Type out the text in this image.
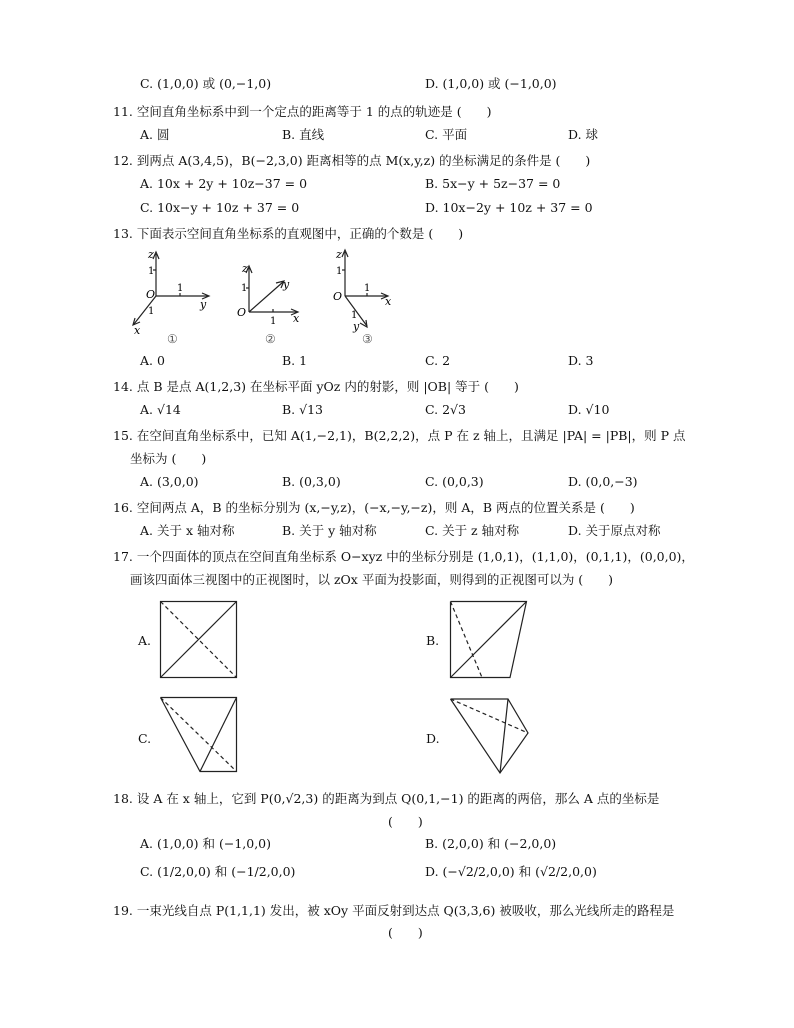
C. (1,0,0) 或 (0,−1,0)	D. (1,0,0) 或 (−1,0,0)
11. 空间直角坐标系中到一个定点的距离等于 1 的点的轨迹是 (　　)
A. 圆	B. 直线	C. 平面	D. 球
12. 到两点 A(3,4,5)，B(−2,3,0) 距离相等的点 M(x,y,z) 的坐标满足的条件是 (　　)
A. 10x + 2y + 10z−37 = 0	B. 5x−y + 5z−37 = 0
C. 10x−y + 10z + 37 = 0	D. 10x−2y + 10z + 37 = 0
13. 下面表示空间直角坐标系的直观图中，正确的个数是 (　　)
z
1
O 1
y
1
x
①
z
1	y
O
1 x
②
z
1
O
1
x
1
y
③
A. 0	B. 1	C. 2	D. 3
14. 点 B 是点 A(1,2,3) 在坐标平面 yOz 内的射影，则 |OB| 等于 (　　)
A. √14	B. √13	C. 2√3	D. √10
15. 在空间直角坐标系中，已知 A(1,−2,1)，B(2,2,2)，点 P 在 z 轴上，且满足 |PA| = |PB|，则 P 点
坐标为 (　　)
A. (3,0,0)	B. (0,3,0)	C. (0,0,3)	D. (0,0,−3)
16. 空间两点 A，B 的坐标分别为 (x,−y,z)，(−x,−y,−z)，则 A，B 两点的位置关系是 (　　)
A. 关于 x 轴对称	B. 关于 y 轴对称	C. 关于 z 轴对称	D. 关于原点对称
17. 一个四面体的顶点在空间直角坐标系 O−xyz 中的坐标分别是 (1,0,1)，(1,1,0)，(0,1,1)，(0,0,0)，
画该四面体三视图中的正视图时，以 zOx 平面为投影面，则得到的正视图可以为 (　　)
A.	B.
C.	D.
18. 设 A 在 x 轴上，它到 P(0,√2,3) 的距离为到点 Q(0,1,−1) 的距离的两倍，那么 A 点的坐标是
(　　)
A. (1,0,0) 和 (−1,0,0)	B. (2,0,0) 和 (−2,0,0)
C. (1/2,0,0) 和 (−1/2,0,0)	D. (−√2/2,0,0) 和 (√2/2,0,0)
19. 一束光线自点 P(1,1,1) 发出，被 xOy 平面反射到达点 Q(3,3,6) 被吸收，那么光线所走的路程是
(　　)
